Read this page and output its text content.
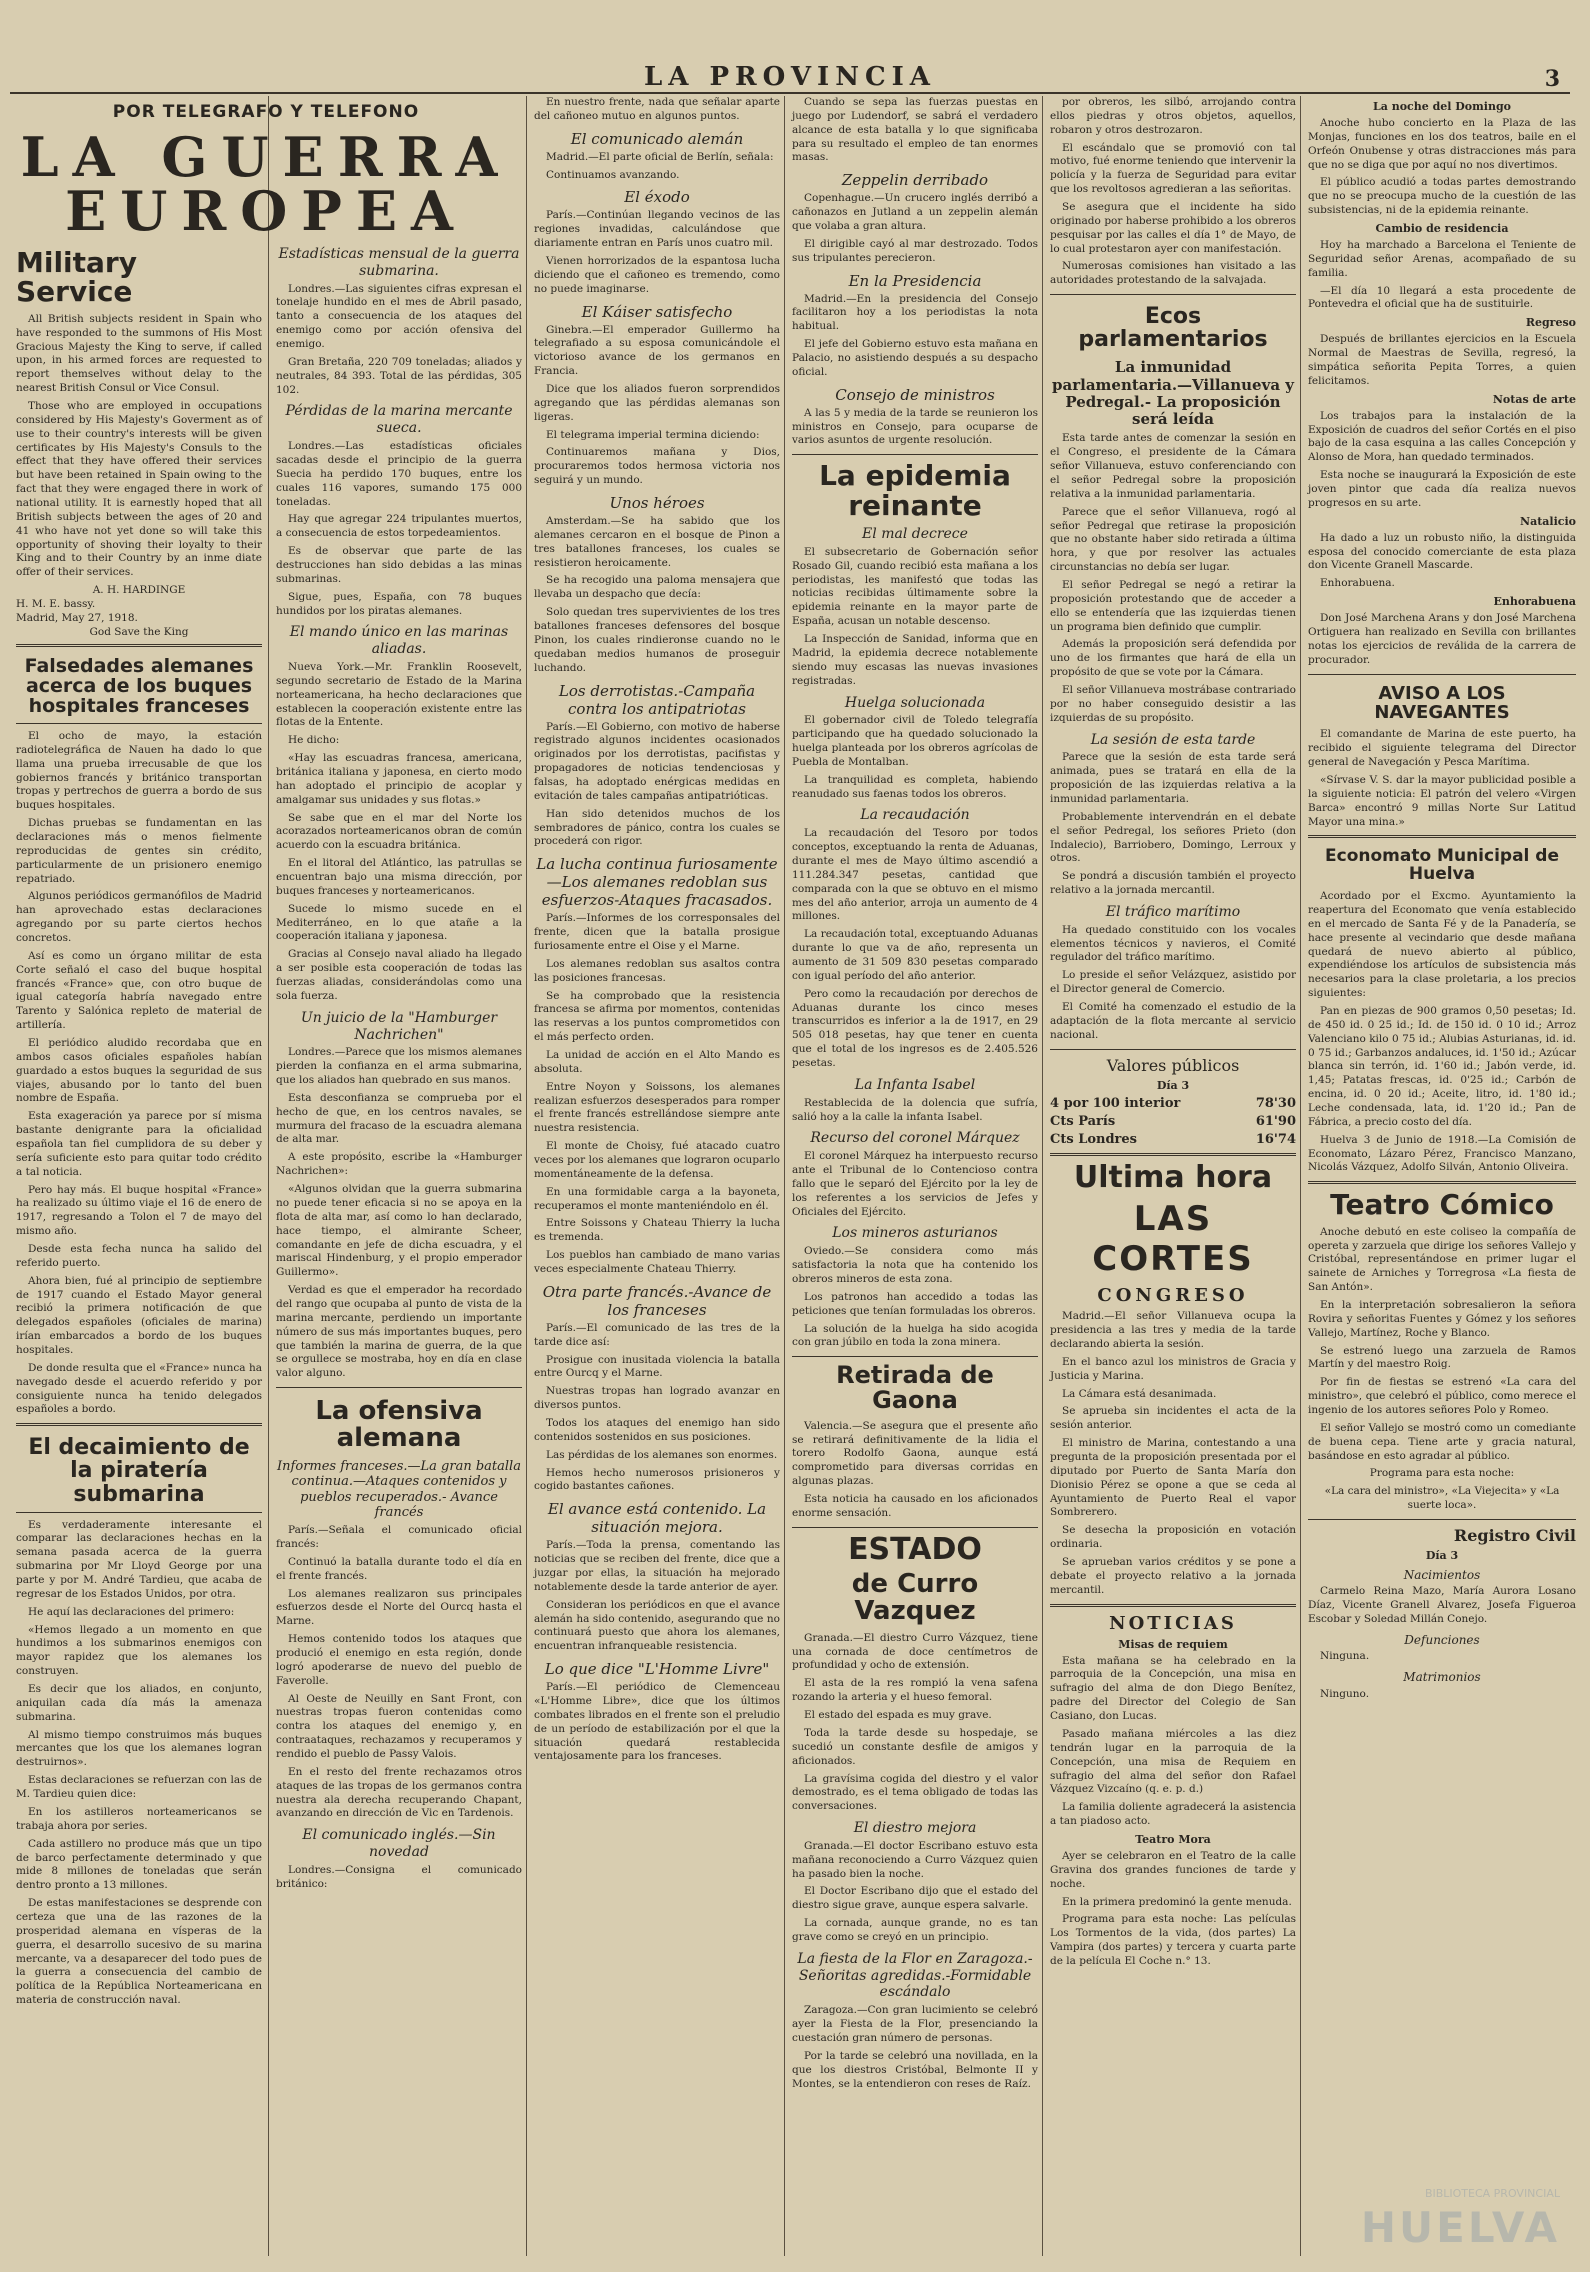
LA PROVINCIA	3
POR TELEGRAFO Y TELEFONO
LA GUERRA
EUROPEA
Military Service

All British subjects resident in Spain who have responded to the summons of His Most Gracious Majesty the King to serve, if called upon, in his armed forces are requested to report themselves without delay to the nearest British Consul or Vice Consul.

Those who are employed in occupations considered by His Majesty's Goverment as of use to their country's interests will be given certificates by His Majesty's Consuls to the effect that they have offered their services but have been retained in Spain owing to the fact that they were engaged there in work of national utility. It is earnestly hoped that all British subjects between the ages of 20 and 41 who have not yet done so will take this opportunity of shoving their loyalty to their King and to their Country by an inme diate offer of their services.

A. H. HARDINGE
H. M. E. bassy.
Madrid, May 27, 1918.
God Save the King
Falsedades alemanes acerca de los buques hospitales franceses

El ocho de mayo, la estación radiotelegráfica de Nauen ha dado lo que llama una prueba irrecusable de que los gobiernos francés y británico transportan tropas y pertrechos de guerra a bordo de sus buques hospitales.

Dichas pruebas se fundamentan en las declaraciones más o menos fielmente reproducidas de gentes sin crédito, particularmente de un prisionero enemigo repatriado.

Algunos periódicos germanófilos de Madrid han aprovechado estas declaraciones agregando por su parte ciertos hechos concretos.

Así es como un órgano militar de esta Corte señaló el caso del buque hospital francés «France» que, con otro buque de igual categoría habría navegado entre Tarento y Salónica repleto de material de artillería.

El periódico aludido recordaba que en ambos casos oficiales españoles habían guardado a estos buques la seguridad de sus viajes, abusando por lo tanto del buen nombre de España.

Esta exageración ya parece por sí misma bastante denigrante para la oficialidad española tan fiel cumplidora de su deber y sería suficiente esto para quitar todo crédito a tal noticia.

Pero hay más. El buque hospital «France» ha realizado su último viaje el 16 de enero de 1917, regresando a Tolon el 7 de mayo del mismo año.

Desde esta fecha nunca ha salido del referido puerto.

Ahora bien, fué al principio de septiembre de 1917 cuando el Estado Mayor general recibió la primera notificación de que delegados españoles (oficiales de marina) irían embarcados a bordo de los buques hospitales.

De donde resulta que el «France» nunca ha navegado desde el acuerdo referido y por consiguiente nunca ha tenido delegados españoles a bordo.

El decaimiento de la piratería submarina

Es verdaderamente interesante el comparar las declaraciones hechas en la semana pasada acerca de la guerra submarina por Mr Lloyd George por una parte y por M. André Tardieu, que acaba de regresar de los Estados Unidos, por otra.

He aquí las declaraciones del primero:

«Hemos llegado a un momento en que hundimos a los submarinos enemigos con mayor rapidez que los alemanes los construyen.

Es decir que los aliados, en conjunto, aniquilan cada día más la amenaza submarina.

Al mismo tiempo construimos más buques mercantes que los que los alemanes logran destruirnos».

Estas declaraciones se refuerzan con las de M. Tardieu quien dice:

En los astilleros norteamericanos se trabaja ahora por series.

Cada astillero no produce más que un tipo de barco perfectamente determinado y que mide 8 millones de toneladas que serán dentro pronto a 13 millones.

De estas manifestaciones se desprende con certeza que una de las razones de la prosperidad alemana en vísperas de la guerra, el desarrollo sucesivo de su marina mercante, va a desaparecer del todo pues de la guerra a consecuencia del cambio de política de la República Norteamericana en materia de construcción naval.

Estadísticas mensual de la guerra submarina.

Londres.—Las siguientes cifras expresan el tonelaje hundido en el mes de Abril pasado, tanto a consecuencia de los ataques del enemigo como por acción ofensiva del enemigo.

Gran Bretaña, 220 709 toneladas; aliados y neutrales, 84 393. Total de las pérdidas, 305 102.

Pérdidas de la marina mercante sueca.

Londres.—Las estadísticas oficiales sacadas desde el principio de la guerra Suecia ha perdido 170 buques, entre los cuales 116 vapores, sumando 175 000 toneladas.

Hay que agregar 224 tripulantes muertos, a consecuencia de estos torpedeamientos.

Es de observar que parte de las destrucciones han sido debidas a las minas submarinas.

Sigue, pues, España, con 78 buques hundidos por los piratas alemanes.

El mando único en las marinas aliadas.

Nueva York.—Mr. Franklin Roosevelt, segundo secretario de Estado de la Marina norteamericana, ha hecho declaraciones que establecen la cooperación existente entre las flotas de la Entente.

He dicho:

«Hay las escuadras francesa, americana, británica italiana y japonesa, en cierto modo han adoptado el principio de acoplar y amalgamar sus unidades y sus flotas.»

Se sabe que en el mar del Norte los acorazados norteamericanos obran de común acuerdo con la escuadra británica.

En el litoral del Atlántico, las patrullas se encuentran bajo una misma dirección, por buques franceses y norteamericanos.

Sucede lo mismo sucede en el Mediterráneo, en lo que atañe a la cooperación italiana y japonesa.

Gracias al Consejo naval aliado ha llegado a ser posible esta cooperación de todas las fuerzas aliadas, considerándolas como una sola fuerza.

Un juicio de la "Hamburger Nachrichen"

Londres.—Parece que los mismos alemanes pierden la confianza en el arma submarina, que los aliados han quebrado en sus manos.

Esta desconfianza se comprueba por el hecho de que, en los centros navales, se murmura del fracaso de la escuadra alemana de alta mar.

A este propósito, escribe la «Hamburger Nachrichen»:

«Algunos olvidan que la guerra submarina no puede tener eficacia si no se apoya en la flota de alta mar, así como lo han declarado, hace tiempo, el almirante Scheer, comandante en jefe de dicha escuadra, y el mariscal Hindenburg, y el propio emperador Guillermo».

Verdad es que el emperador ha recordado del rango que ocupaba al punto de vista de la marina mercante, perdiendo un importante número de sus más importantes buques, pero que también la marina de guerra, de la que se orgullece se mostraba, hoy en día en clase valor alguno.

La ofensiva alemana
Informes franceses.—La gran batalla continua.—Ataques contenidos y pueblos recuperados.- Avance francés

París.—Señala el comunicado oficial francés:

Continuó la batalla durante todo el día en el frente francés.

Los alemanes realizaron sus principales esfuerzos desde el Norte del Ourcq hasta el Marne.

Hemos contenido todos los ataques que produció el enemigo en esta región, donde logró apoderarse de nuevo del pueblo de Faverolle.

Al Oeste de Neuilly en Sant Front, con nuestras tropas fueron contenidas como contra los ataques del enemigo y, en contraataques, rechazamos y recuperamos y rendido el pueblo de Passy Valois.

En el resto del frente rechazamos otros ataques de las tropas de los germanos contra nuestra ala derecha recuperando Chapant, avanzando en dirección de Vic en Tardenois.

El comunicado inglés.—Sin novedad

Londres.—Consigna el comunicado británico:

En nuestro frente, nada que señalar aparte del cañoneo mutuo en algunos puntos.

El comunicado alemán

Madrid.—El parte oficial de Berlín, señala:

Continuamos avanzando.

El éxodo

París.—Continúan llegando vecinos de las regiones invadidas, calculándose que diariamente entran en París unos cuatro mil.

Vienen horrorizados de la espantosa lucha diciendo que el cañoneo es tremendo, como no puede imaginarse.

El Káiser satisfecho

Ginebra.—El emperador Guillermo ha telegrafiado a su esposa comunicándole el victorioso avance de los germanos en Francia.

Dice que los aliados fueron sorprendidos agregando que las pérdidas alemanas son ligeras.

El telegrama imperial termina diciendo:

Continuaremos mañana y Dios, procuraremos todos hermosa victoria nos seguirá y un mundo.

Unos héroes

Amsterdam.—Se ha sabido que los alemanes cercaron en el bosque de Pinon a tres batallones franceses, los cuales se resistieron heroicamente.

Se ha recogido una paloma mensajera que llevaba un despacho que decía:

Solo quedan tres supervivientes de los tres batallones franceses defensores del bosque Pinon, los cuales rindieronse cuando no le quedaban medios humanos de proseguir luchando.

Los derrotistas.-Campaña contra los antipatriotas

París.—El Gobierno, con motivo de haberse registrado algunos incidentes ocasionados originados por los derrotistas, pacifistas y propagadores de noticias tendenciosas y falsas, ha adoptado enérgicas medidas en evitación de tales campañas antipatrióticas.

Han sido detenidos muchos de los sembradores de pánico, contra los cuales se procederá con rigor.

La lucha continua furiosamente—Los alemanes redoblan sus esfuerzos-Ataques fracasados.

París.—Informes de los corresponsales del frente, dicen que la batalla prosigue furiosamente entre el Oise y el Marne.

Los alemanes redoblan sus asaltos contra las posiciones francesas.

Se ha comprobado que la resistencia francesa se afirma por momentos, contenidas las reservas a los puntos comprometidos con el más perfecto orden.

La unidad de acción en el Alto Mando es absoluta.

Entre Noyon y Soissons, los alemanes realizan esfuerzos desesperados para romper el frente francés estrellándose siempre ante nuestra resistencia.

El monte de Choisy, fué atacado cuatro veces por los alemanes que lograron ocuparlo momentáneamente de la defensa.

En una formidable carga a la bayoneta, recuperamos el monte manteniéndolo en él.

Entre Soissons y Chateau Thierry la lucha es tremenda.

Los pueblos han cambiado de mano varias veces especialmente Chateau Thierry.

Otra parte francés.-Avance de los franceses

París.—El comunicado de las tres de la tarde dice así:

Prosigue con inusitada violencia la batalla entre Ourcq y el Marne.

Nuestras tropas han logrado avanzar en diversos puntos.

Todos los ataques del enemigo han sido contenidos sostenidos en sus posiciones.

Las pérdidas de los alemanes son enormes.

Hemos hecho numerosos prisioneros y cogido bastantes cañones.

El avance está contenido. La situación mejora.

París.—Toda la prensa, comentando las noticias que se reciben del frente, dice que a juzgar por ellas, la situación ha mejorado notablemente desde la tarde anterior de ayer.

Consideran los periódicos en que el avance alemán ha sido contenido, asegurando que no continuará puesto que ahora los alemanes, encuentran infranqueable resistencia.

Lo que dice "L'Homme Livre"

París.—El periódico de Clemenceau «L'Homme Libre», dice que los últimos combates librados en el frente son el preludio de un período de estabilización por el que la situación quedará restablecida ventajosamente para los franceses.

Cuando se sepa las fuerzas puestas en juego por Ludendorf, se sabrá el verdadero alcance de esta batalla y lo que significaba para su resultado el empleo de tan enormes masas.

Zeppelin derribado

Copenhague.—Un crucero inglés derribó a cañonazos en Jutland a un zeppelin alemán que volaba a gran altura.

El dirigible cayó al mar destrozado. Todos sus tripulantes perecieron.

En la Presidencia

Madrid.—En la presidencia del Consejo facilitaron hoy a los periodistas la nota habitual.

El jefe del Gobierno estuvo esta mañana en Palacio, no asistiendo después a su despacho oficial.

Consejo de ministros

A las 5 y media de la tarde se reunieron los ministros en Consejo, para ocuparse de varios asuntos de urgente resolución.

La epidemia reinante
El mal decrece

El subsecretario de Gobernación señor Rosado Gil, cuando recibió esta mañana a los periodistas, les manifestó que todas las noticias recibidas últimamente sobre la epidemia reinante en la mayor parte de España, acusan un notable descenso.

La Inspección de Sanidad, informa que en Madrid, la epidemia decrece notablemente siendo muy escasas las nuevas invasiones registradas.

Huelga solucionada

El gobernador civil de Toledo telegrafía participando que ha quedado solucionado la huelga planteada por los obreros agrícolas de Puebla de Montalban.

La tranquilidad es completa, habiendo reanudado sus faenas todos los obreros.

La recaudación

La recaudación del Tesoro por todos conceptos, exceptuando la renta de Aduanas, durante el mes de Mayo último ascendió a 111.284.347 pesetas, cantidad que comparada con la que se obtuvo en el mismo mes del año anterior, arroja un aumento de 4 millones.

La recaudación total, exceptuando Aduanas durante lo que va de año, representa un aumento de 31 509 830 pesetas comparado con igual período del año anterior.

Pero como la recaudación por derechos de Aduanas durante los cinco meses transcurridos es inferior a la de 1917, en 29 505 018 pesetas, hay que tener en cuenta que el total de los ingresos es de 2.405.526 pesetas.

La Infanta Isabel

Restablecida de la dolencia que sufría, salió hoy a la calle la infanta Isabel.

Recurso del coronel Márquez

El coronel Márquez ha interpuesto recurso ante el Tribunal de lo Contencioso contra fallo que le separó del Ejército por la ley de los referentes a los servicios de Jefes y Oficiales del Ejército.

Los mineros asturianos

Oviedo.—Se considera como más satisfactoria la nota que ha contenido los obreros mineros de esta zona.

Los patronos han accedido a todas las peticiones que tenían formuladas los obreros.

La solución de la huelga ha sido acogida con gran júbilo en toda la zona minera.

Retirada de Gaona

Valencia.—Se asegura que el presente año se retirará definitivamente de la lidia el torero Rodolfo Gaona, aunque está comprometido para diversas corridas en algunas plazas.

Esta noticia ha causado en los aficionados enorme sensación.

ESTADO
de Curro Vazquez

Granada.—El diestro Curro Vázquez, tiene una cornada de doce centímetros de profundidad y ocho de extensión.

El asta de la res rompió la vena safena rozando la arteria y el hueso femoral.

El estado del espada es muy grave.

Toda la tarde desde su hospedaje, se sucedió un constante desfile de amigos y aficionados.

La gravísima cogida del diestro y el valor demostrado, es el tema obligado de todas las conversaciones.

El diestro mejora

Granada.—El doctor Escribano estuvo esta mañana reconociendo a Curro Vázquez quien ha pasado bien la noche.

El Doctor Escribano dijo que el estado del diestro sigue grave, aunque espera salvarle.

La cornada, aunque grande, no es tan grave como se creyó en un principio.

La fiesta de la Flor en Zaragoza.-Señoritas agredidas.-Formidable escándalo

Zaragoza.—Con gran lucimiento se celebró ayer la Fiesta de la Flor, presenciando la cuestación gran número de personas.

Por la tarde se celebró una novillada, en la que los diestros Cristóbal, Belmonte II y Montes, se la entendieron con reses de Raíz.

por obreros, les silbó, arrojando contra ellos piedras y otros objetos, aquellos, robaron y otros destrozaron.

El escándalo que se promovió con tal motivo, fué enorme teniendo que intervenir la policía y la fuerza de Seguridad para evitar que los revoltosos agredieran a las señoritas.

Se asegura que el incidente ha sido originado por haberse prohibido a los obreros pesquisar por las calles el día 1° de Mayo, de lo cual protestaron ayer con manifestación.

Numerosas comisiones han visitado a las autoridades protestando de la salvajada.

Ecos parlamentarios
La inmunidad parlamentaria.—Villanueva y Pedregal.- La proposición será leída

Esta tarde antes de comenzar la sesión en el Congreso, el presidente de la Cámara señor Villanueva, estuvo conferenciando con el señor Pedregal sobre la proposición relativa a la inmunidad parlamentaria.

Parece que el señor Villanueva, rogó al señor Pedregal que retirase la proposición que no obstante haber sido retirada a última hora, y que por resolver las actuales circunstancias no debía ser lugar.

El señor Pedregal se negó a retirar la proposición protestando que de acceder a ello se entendería que las izquierdas tienen un programa bien definido que cumplir.

Además la proposición será defendida por uno de los firmantes que hará de ella un propósito de que se vote por la Cámara.

El señor Villanueva mostrábase contrariado por no haber conseguido desistir a las izquierdas de su propósito.

La sesión de esta tarde

Parece que la sesión de esta tarde será animada, pues se tratará en ella de la proposición de las izquierdas relativa a la inmunidad parlamentaria.

Probablemente intervendrán en el debate el señor Pedregal, los señores Prieto (don Indalecio), Barriobero, Domingo, Lerroux y otros.

Se pondrá a discusión también el proyecto relativo a la jornada mercantil.

El tráfico marítimo

Ha quedado constituido con los vocales elementos técnicos y navieros, el Comité regulador del tráfico marítimo.

Lo preside el señor Velázquez, asistido por el Director general de Comercio.

El Comité ha comenzado el estudio de la adaptación de la flota mercante al servicio nacional.

Valores públicos
Día 3
4 por 100 interior	78'30
Cts París	61'90
Cts Londres	16'74
Ultima hora
LAS CORTES
CONGRESO

Madrid.—El señor Villanueva ocupa la presidencia a las tres y media de la tarde declarando abierta la sesión.

En el banco azul los ministros de Gracia y Justicia y Marina.

La Cámara está desanimada.

Se aprueba sin incidentes el acta de la sesión anterior.

El ministro de Marina, contestando a una pregunta de la proposición presentada por el diputado por Puerto de Santa María don Dionisio Pérez se opone a que se ceda al Ayuntamiento de Puerto Real el vapor Sombrerero.

Se desecha la proposición en votación ordinaria.

Se aprueban varios créditos y se pone a debate el proyecto relativo a la jornada mercantil.

NOTICIAS
Misas de requiem

Esta mañana se ha celebrado en la parroquia de la Concepción, una misa en sufragio del alma de don Diego Benítez, padre del Director del Colegio de San Casiano, don Lucas.

Pasado mañana miércoles a las diez tendrán lugar en la parroquia de la Concepción, una misa de Requiem en sufragio del alma del señor don Rafael Vázquez Vizcaíno (q. e. p. d.)

La familia doliente agradecerá la asistencia a tan piadoso acto.

Teatro Mora

Ayer se celebraron en el Teatro de la calle Gravina dos grandes funciones de tarde y noche.

En la primera predominó la gente menuda.

Programa para esta noche: Las películas Los Tormentos de la vida, (dos partes) La Vampira (dos partes) y tercera y cuarta parte de la película El Coche n.° 13.

La noche del Domingo

Anoche hubo concierto en la Plaza de las Monjas, funciones en los dos teatros, baile en el Orfeón Onubense y otras distracciones más para que no se diga que por aquí no nos divertimos.

El público acudió a todas partes demostrando que no se preocupa mucho de la cuestión de las subsistencias, ni de la epidemia reinante.

Cambio de residencia

Hoy ha marchado a Barcelona el Teniente de Seguridad señor Arenas, acompañado de su familia.

—El día 10 llegará a esta procedente de Pontevedra el oficial que ha de sustituirle.

Regreso

Después de brillantes ejercicios en la Escuela Normal de Maestras de Sevilla, regresó, la simpática señorita Pepita Torres, a quien felicitamos.

Notas de arte

Los trabajos para la instalación de la Exposición de cuadros del señor Cortés en el piso bajo de la casa esquina a las calles Concepción y Alonso de Mora, han quedado terminados.

Esta noche se inaugurará la Exposición de este joven pintor que cada día realiza nuevos progresos en su arte.

Natalicio

Ha dado a luz un robusto niño, la distinguida esposa del conocido comerciante de esta plaza don Vicente Granell Mascarde.

Enhorabuena.

Enhorabuena

Don José Marchena Arans y don José Marchena Ortiguera han realizado en Sevilla con brillantes notas los ejercicios de reválida de la carrera de procurador.

AVISO A LOS NAVEGANTES

El comandante de Marina de este puerto, ha recibido el siguiente telegrama del Director general de Navegación y Pesca Marítima.

«Sírvase V. S. dar la mayor publicidad posible a la siguiente noticia: El patrón del velero «Virgen Barca» encontró 9 millas Norte Sur Latitud Mayor una mina.»

Economato Municipal de Huelva

Acordado por el Excmo. Ayuntamiento la reapertura del Economato que venía establecido en el mercado de Santa Fé y de la Panadería, se hace presente al vecindario que desde mañana quedará de nuevo abierto al público, expendiéndose los artículos de subsistencia más necesarios para la clase proletaria, a los precios siguientes:

Pan en piezas de 900 gramos 0,50 pesetas; Id. de 450 id. 0 25 id.; Id. de 150 id. 0 10 id.; Arroz Valenciano kilo 0 75 id.; Alubias Asturianas, id. id. 0 75 id.; Garbanzos andaluces, id. 1'50 id.; Azúcar blanca sin terrón, id. 1'60 id.; Jabón verde, id. 1,45; Patatas frescas, id. 0'25 id.; Carbón de encina, id. 0 20 id.; Aceite, litro, id. 1'80 id.; Leche condensada, lata, id. 1'20 id.; Pan de Fábrica, a precio costo del día.

Huelva 3 de Junio de 1918.—La Comisión de Economato, Lázaro Pérez, Francisco Manzano, Nicolás Vázquez, Adolfo Silván, Antonio Oliveira.

Teatro Cómico

Anoche debutó en este coliseo la compañía de opereta y zarzuela que dirige los señores Vallejo y Cristóbal, representándose en primer lugar el sainete de Arniches y Torregrosa «La fiesta de San Antón».

En la interpretación sobresalieron la señora Rovira y señoritas Fuentes y Gómez y los señores Vallejo, Martínez, Roche y Blanco.

Se estrenó luego una zarzuela de Ramos Martín y del maestro Roig.

Por fin de fiestas se estrenó «La cara del ministro», que celebró el público, como merece el ingenio de los autores señores Polo y Romeo.

El señor Vallejo se mostró como un comediante de buena cepa. Tiene arte y gracia natural, basándose en esto agradar al público.

Programa para esta noche:

«La cara del ministro», «La Viejecita» y «La suerte loca».

Registro Civil
Día 3
Nacimientos

Carmelo Reina Mazo, María Aurora Losano Díaz, Vicente Granell Alvarez, Josefa Figueroa Escobar y Soledad Millán Conejo.

Defunciones

Ninguna.

Matrimonios

Ninguno.

BIBLIOTECA PROVINCIAL
HUELVA
